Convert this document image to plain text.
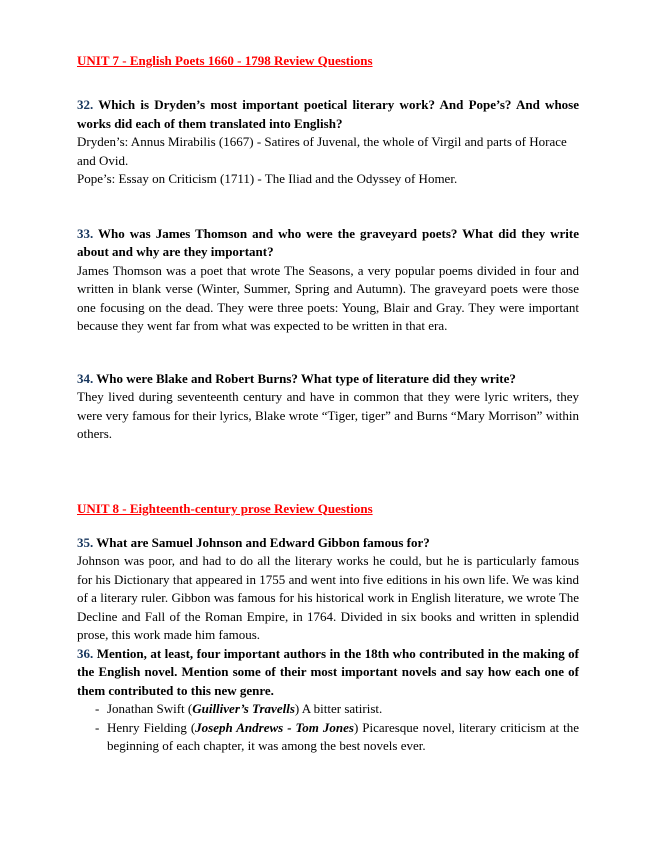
UNIT 7 - English Poets 1660 - 1798 Review Questions

32. Which is Dryden’s most important poetical literary work? And Pope’s? And whose works did each of them translated into English?

Dryden’s: Annus Mirabilis (1667) - Satires of Juvenal, the whole of Virgil and parts of Horace and Ovid.

Pope’s: Essay on Criticism (1711) - The Iliad and the Odyssey of Homer.

33. Who was James Thomson and who were the graveyard poets? What did they write about and why are they important?

James Thomson was a poet that wrote The Seasons, a very popular poems divided in four and written in blank verse (Winter, Summer, Spring and Autumn). The graveyard poets were those one focusing on the dead. They were three poets: Young, Blair and Gray. They were important because they went far from what was expected to be written in that era.

34. Who were Blake and Robert Burns? What type of literature did they write?

They lived during seventeenth century and have in common that they were lyric writers, they were very famous for their lyrics, Blake wrote “Tiger, tiger” and Burns “Mary Morrison” within others.

UNIT 8 - Eighteenth-century prose Review Questions

35. What are Samuel Johnson and Edward Gibbon famous for?

Johnson was poor, and had to do all the literary works he could, but he is particularly famous for his Dictionary that appeared in 1755 and went into five editions in his own life. We was kind of a literary ruler. Gibbon was famous for his historical work in English literature, we wrote The Decline and Fall of the Roman Empire, in 1764. Divided in six books and written in splendid prose, this work made him famous.

36. Mention, at least, four important authors in the 18th who contributed in the making of the English novel. Mention some of their most important novels and say how each one of them contributed to this new genre.

- Jonathan Swift (Guilliver’s Travells) A bitter satirist.

- Henry Fielding (Joseph Andrews - Tom Jones) Picaresque novel, literary criticism at the beginning of each chapter, it was among the best novels ever.
